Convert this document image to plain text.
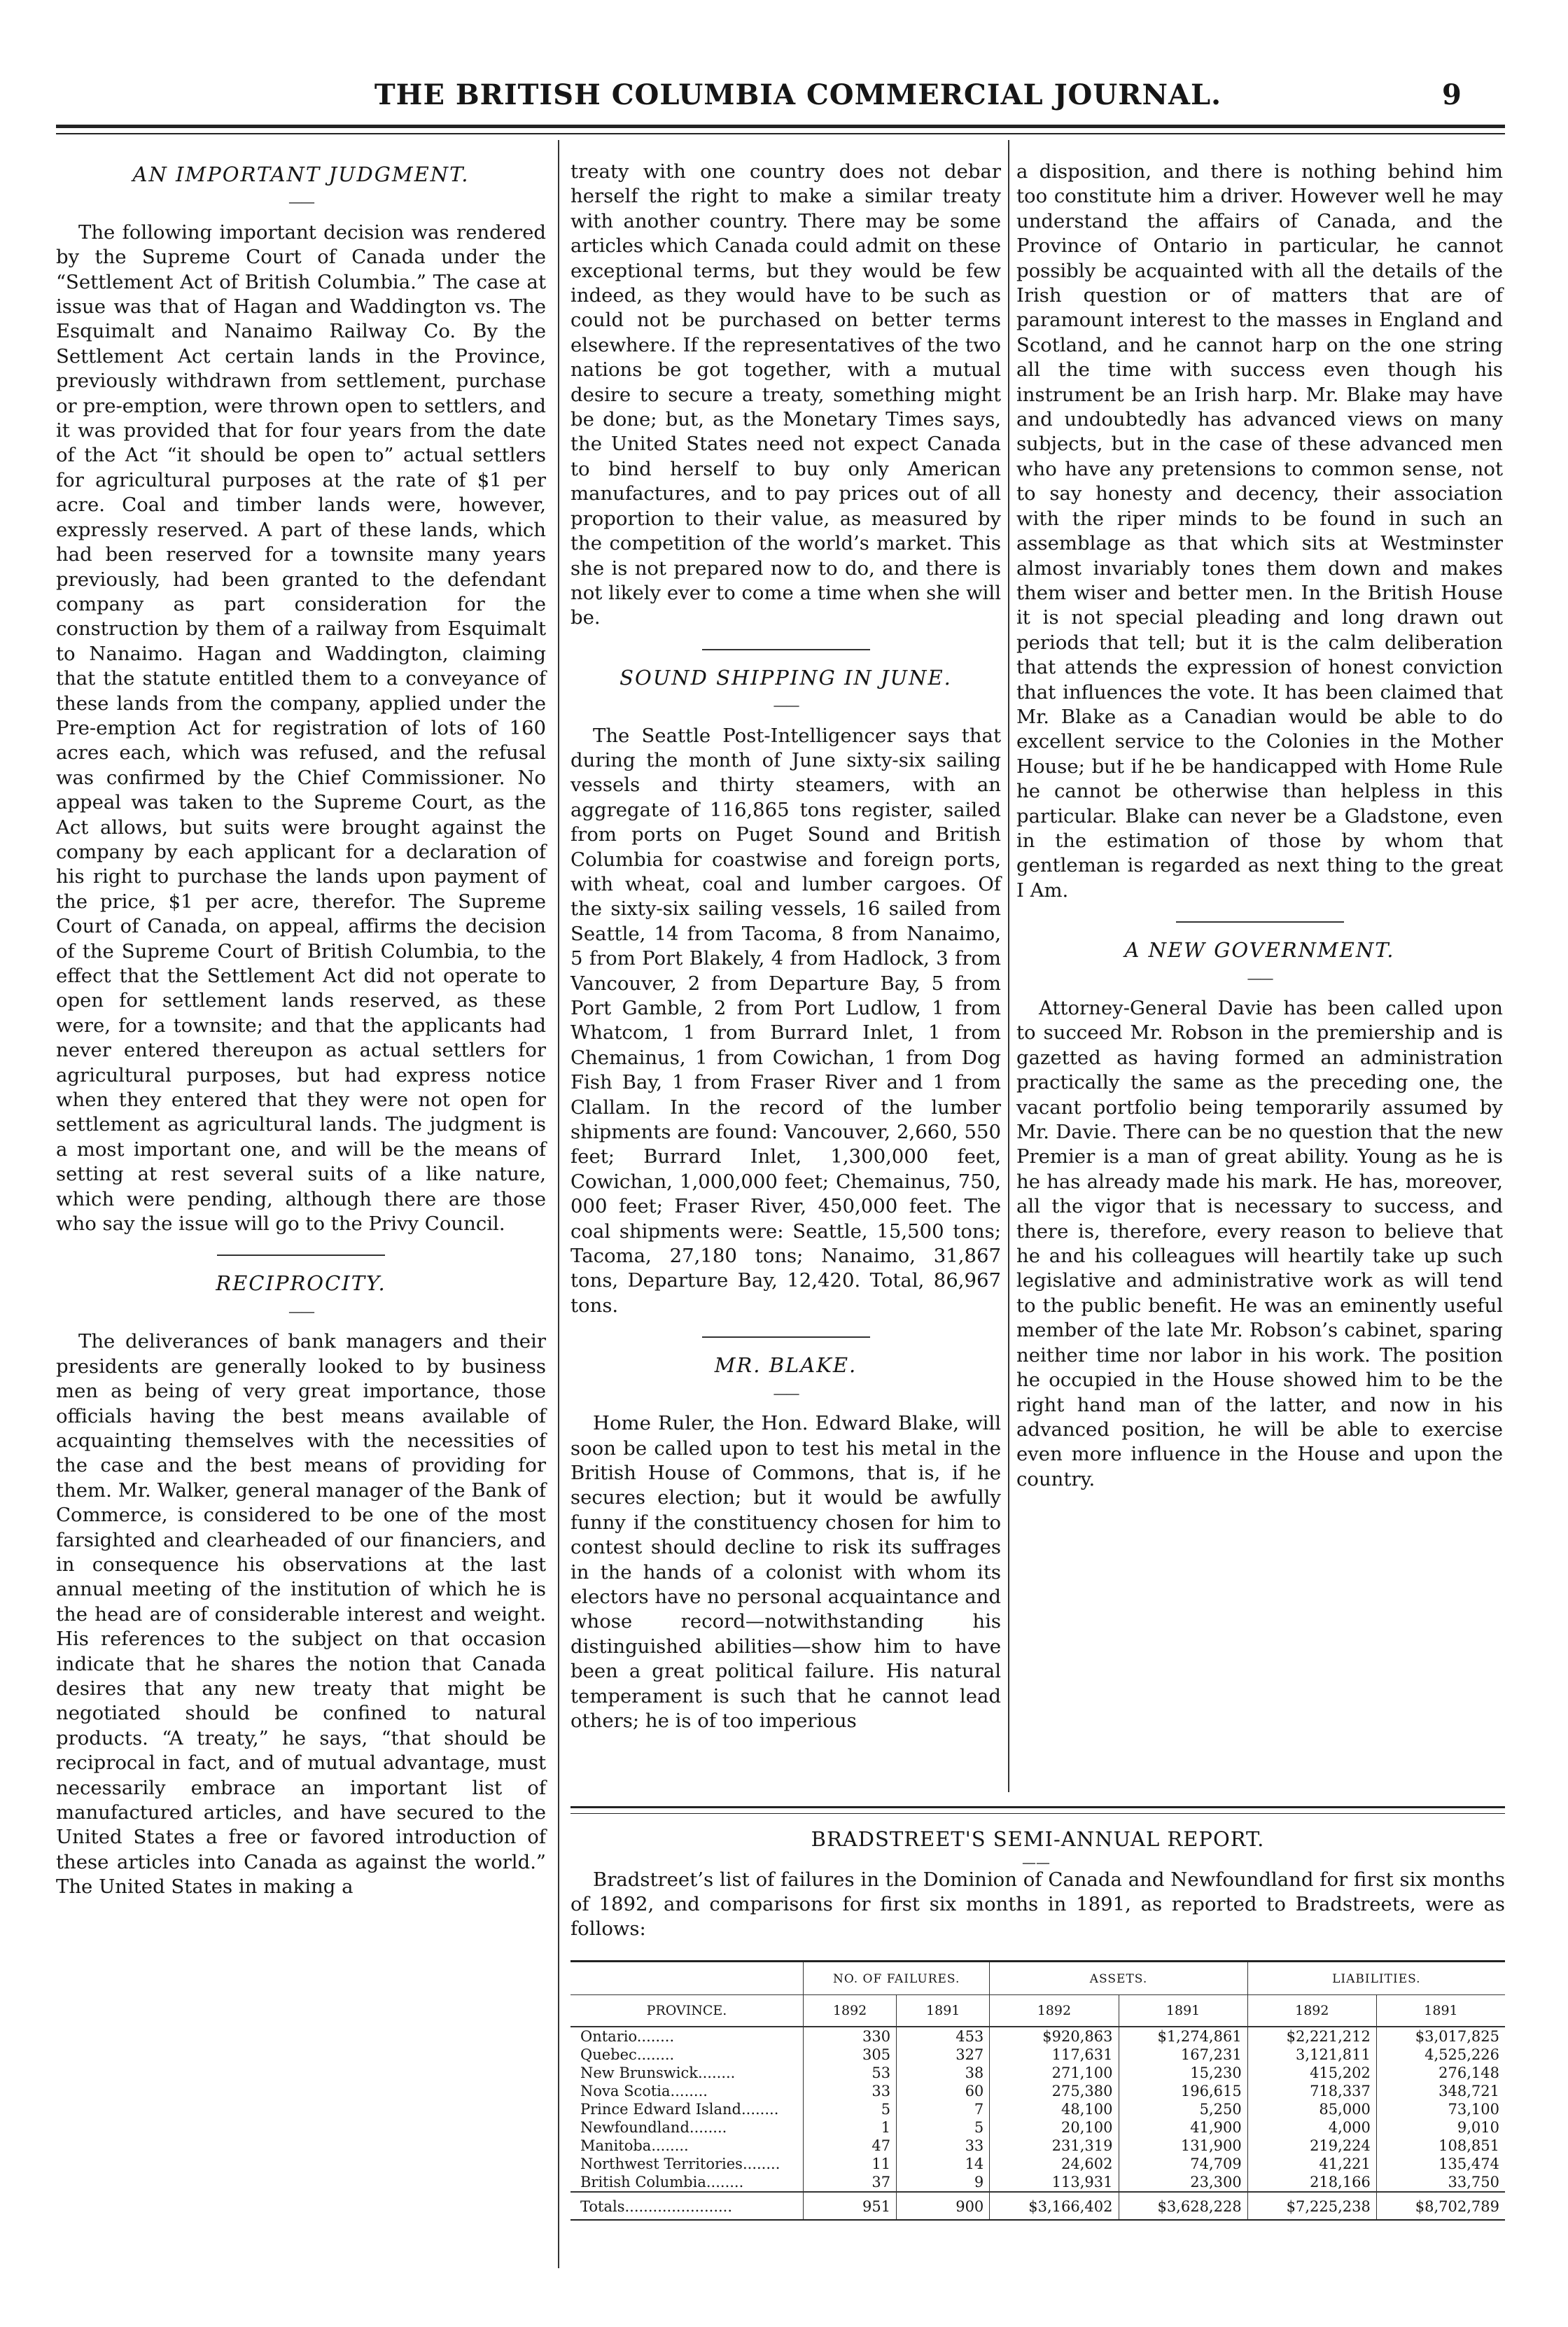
THE BRITISH COLUMBIA COMMERCIAL JOURNAL.	9
AN IMPORTANT JUDGMENT.
——

The following important decision was rendered by the Supreme Court of Canada under the “Settlement Act of British Columbia.” The case at issue was that of Hagan and Waddington vs. The Esquimalt and Nanaimo Railway Co. By the Settlement Act certain lands in the Province, previously withdrawn from settlement, purchase or pre-emption, were thrown open to settlers, and it was provided that for four years from the date of the Act “it should be open to” actual settlers for agricultural purposes at the rate of $1 per acre. Coal and timber lands were, however, expressly reserved. A part of these lands, which had been reserved for a townsite many years previously, had been granted to the defendant company as part consideration for the construction by them of a railway from Esquimalt to Nanaimo. Hagan and Waddington, claiming that the statute entitled them to a conveyance of these lands from the company, applied under the Pre-emption Act for registration of lots of 160 acres each, which was refused, and the refusal was confirmed by the Chief Commissioner. No appeal was taken to the Supreme Court, as the Act allows, but suits were brought against the company by each applicant for a declaration of his right to purchase the lands upon payment of the price, $1 per acre, therefor. The Supreme Court of Canada, on appeal, affirms the decision of the Supreme Court of British Columbia, to the effect that the Settlement Act did not operate to open for settlement lands reserved, as these were, for a townsite; and that the applicants had never entered thereupon as actual settlers for agricultural purposes, but had express notice when they entered that they were not open for settlement as agricultural lands. The judgment is a most important one, and will be the means of setting at rest several suits of a like nature, which were pending, although there are those who say the issue will go to the Privy Council.

RECIPROCITY.
——

The deliverances of bank managers and their presidents are generally looked to by business men as being of very great importance, those officials having the best means available of acquainting themselves with the necessities of the case and the best means of providing for them. Mr. Walker, general manager of the Bank of Commerce, is considered to be one of the most farsighted and clearheaded of our financiers, and in consequence his observations at the last annual meeting of the institution of which he is the head are of considerable interest and weight. His references to the subject on that occasion indicate that he shares the notion that Canada desires that any new treaty that might be negotiated should be confined to natural products. “A treaty,” he says, “that should be reciprocal in fact, and of mutual advantage, must necessarily embrace an important list of manufactured articles, and have secured to the United States a free or favored introduction of these articles into Canada as against the world.” The United States in making a

treaty with one country does not debar herself the right to make a similar treaty with another country. There may be some articles which Canada could admit on these exceptional terms, but they would be few indeed, as they would have to be such as could not be purchased on better terms elsewhere. If the representatives of the two nations be got together, with a mutual desire to secure a treaty, something might be done; but, as the Monetary Times says, the United States need not expect Canada to bind herself to buy only American manufactures, and to pay prices out of all proportion to their value, as measured by the competition of the world’s market. This she is not prepared now to do, and there is not likely ever to come a time when she will be.

SOUND SHIPPING IN JUNE.
——

The Seattle Post-Intelligencer says that during the month of June sixty-six sailing vessels and thirty steamers, with an aggregate of 116,865 tons register, sailed from ports on Puget Sound and British Columbia for coastwise and foreign ports, with wheat, coal and lumber cargoes. Of the sixty-six sailing vessels, 16 sailed from Seattle, 14 from Tacoma, 8 from Nanaimo, 5 from Port Blakely, 4 from Hadlock, 3 from Vancouver, 2 from Departure Bay, 5 from Port Gamble, 2 from Port Ludlow, 1 from Whatcom, 1 from Burrard Inlet, 1 from Chemainus, 1 from Cowichan, 1 from Dog Fish Bay, 1 from Fraser River and 1 from Clallam. In the record of the lumber shipments are found: Vancouver, 2,660, 550 feet; Burrard Inlet, 1,300,000 feet, Cowichan, 1,000,000 feet; Chemainus, 750, 000 feet; Fraser River, 450,000 feet. The coal shipments were: Seattle, 15,500 tons; Tacoma, 27,180 tons; Nanaimo, 31,867 tons, Departure Bay, 12,420. Total, 86,967 tons.

MR. BLAKE.
——

Home Ruler, the Hon. Edward Blake, will soon be called upon to test his metal in the British House of Commons, that is, if he secures election; but it would be awfully funny if the constituency chosen for him to contest should decline to risk its suffrages in the hands of a colonist with whom its electors have no personal acquaintance and whose record—notwithstanding his distinguished abilities—show him to have been a great political failure. His natural temperament is such that he cannot lead others; he is of too imperious

a disposition, and there is nothing behind him too constitute him a driver. However well he may understand the affairs of Canada, and the Province of Ontario in particular, he cannot possibly be acquainted with all the details of the Irish question or of matters that are of paramount interest to the masses in England and Scotland, and he cannot harp on the one string all the time with success even though his instrument be an Irish harp. Mr. Blake may have and undoubtedly has advanced views on many subjects, but in the case of these advanced men who have any pretensions to common sense, not to say honesty and decency, their association with the riper minds to be found in such an assemblage as that which sits at Westminster almost invariably tones them down and makes them wiser and better men. In the British House it is not special pleading and long drawn out periods that tell; but it is the calm deliberation that attends the expression of honest conviction that influences the vote. It has been claimed that Mr. Blake as a Canadian would be able to do excellent service to the Colonies in the Mother House; but if he be handicapped with Home Rule he cannot be otherwise than helpless in this particular. Blake can never be a Gladstone, even in the estimation of those by whom that gentleman is regarded as next thing to the great I Am.

A NEW GOVERNMENT.
——

Attorney-General Davie has been called upon to succeed Mr. Robson in the premiership and is gazetted as having formed an administration practically the same as the preceding one, the vacant portfolio being temporarily assumed by Mr. Davie. There can be no question that the new Premier is a man of great ability. Young as he is he has already made his mark. He has, moreover, all the vigor that is necessary to success, and there is, therefore, every reason to believe that he and his colleagues will heartily take up such legislative and administrative work as will tend to the public benefit. He was an eminently useful member of the late Mr. Robson’s cabinet, sparing neither time nor labor in his work. The position he occupied in the House showed him to be the right hand man of the latter, and now in his advanced position, he will be able to exercise even more influence in the House and upon the country.

BRADSTREET'S SEMI-ANNUAL REPORT.
——

Bradstreet’s list of failures in the Dominion of Canada and Newfoundland for first six months of 1892, and comparisons for first six months in 1891, as reported to Bradstreets, were as follows:

	NO. OF FAILURES.		ASSETS.		LIABILITIES.	
PROVINCE.	1892	1891	1892	1891	1892	1891
Ontario........	330	453	$920,863	$1,274,861	$2,221,212	$3,017,825
Quebec........	305	327	117,631	167,231	3,121,811	4,525,226
New Brunswick........	53	38	271,100	15,230	415,202	276,148
Nova Scotia........	33	60	275,380	196,615	718,337	348,721
Prince Edward Island........	5	7	48,100	5,250	85,000	73,100
Newfoundland........	1	5	20,100	41,900	4,000	9,010
Manitoba........	47	33	231,319	131,900	219,224	108,851
Northwest Territories........	11	14	24,602	74,709	41,221	135,474
British Columbia........	37	9	113,931	23,300	218,166	33,750
Totals.......................	951	900	$3,166,402	$3,628,228	$7,225,238	$8,702,789
